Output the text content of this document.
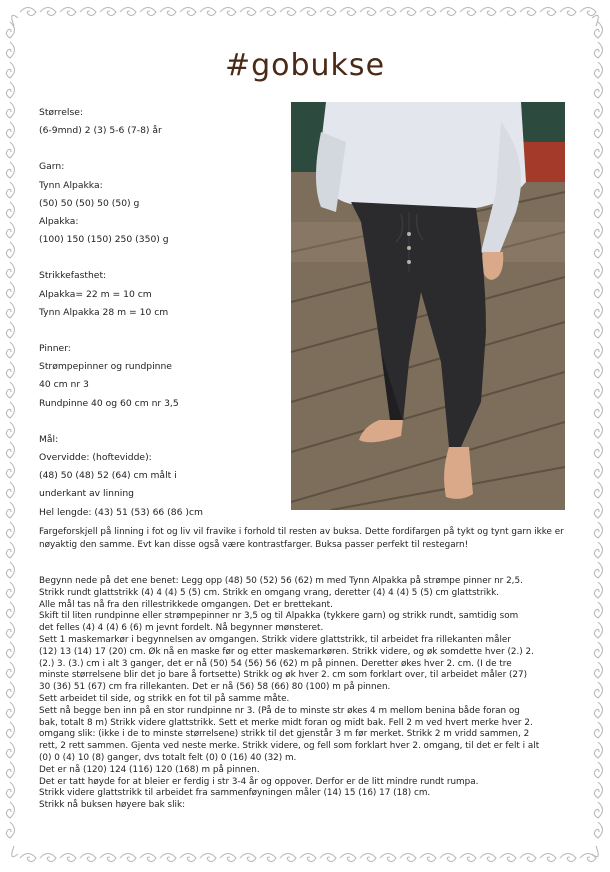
#gobukse
Størrelse:
(6-9mnd) 2 (3) 5-6 (7-8) år
Garn:
Tynn Alpakka:
(50) 50 (50) 50 (50) g
Alpakka:
(100) 150 (150) 250 (350) g
Strikkefasthet:
Alpakka= 22 m = 10 cm
Tynn Alpakka 28 m = 10 cm
Pinner:
Strømpepinner og rundpinne
40 cm nr 3
Rundpinne 40 og 60 cm nr 3,5
Mål:
Overvidde: (hoftevidde):
(48) 50 (48) 52 (64) cm målt i
underkant av linning
Hel lengde: (43) 51 (53) 66 (86 )cm
Fargeforskjell på linning i fot og liv vil fravike i forhold til resten av buksa. Dette fordifargen på tykt og tynt garn ikke er nøyaktig den samme. Evt kan disse også være kontrastfarger. Buksa passer perfekt til restegarn!
Begynn nede på det ene benet: Legg opp (48) 50 (52) 56 (62) m med Tynn Alpakka på strømpe pinner nr 2,5.
Strikk rundt glattstrikk (4) 4 (4) 5 (5) cm. Strikk en omgang vrang, deretter (4) 4 (4) 5 (5) cm glattstrikk.
Alle mål tas nå fra den rillestrikkede omgangen. Det er brettekant.
Skift til liten rundpinne eller strømpepinner nr 3,5 og til Alpakka (tykkere garn) og strikk rundt, samtidig som
det felles (4) 4 (4) 6 (6) m jevnt fordelt. Nå begynner mønsteret.
Sett 1 maskemarkør i begynnelsen av omgangen. Strikk videre glattstrikk, til arbeidet fra rillekanten måler
(12) 13 (14) 17 (20) cm. Øk nå en maske før og etter maskemarkøren. Strikk videre, og øk somdette hver (2.) 2.
(2.) 3. (3.) cm i alt 3 ganger, det er nå (50) 54 (56) 56 (62) m på pinnen. Deretter økes hver 2. cm. (I de tre
minste størrelsene blir det jo bare å fortsette) Strikk og øk hver 2. cm som forklart over, til arbeidet måler (27)
30 (36) 51 (67) cm fra rillekanten. Det er nå (56) 58 (66) 80 (100) m på pinnen.
Sett arbeidet til side, og strikk en fot til på samme måte.
Sett nå begge ben inn på en stor rundpinne nr 3. (På de to minste str økes 4 m mellom benina både foran og
bak, totalt 8 m) Strikk videre glattstrikk. Sett et merke midt foran og midt bak. Fell 2 m ved hvert merke hver 2.
omgang slik: (ikke i de to minste størrelsene) strikk til det gjenstår 3 m før merket. Strikk 2 m vridd sammen, 2
rett, 2 rett sammen. Gjenta ved neste merke. Strikk videre, og fell som forklart hver 2. omgang, til det er felt i alt
(0) 0 (4) 10 (8) ganger, dvs totalt felt (0) 0 (16) 40 (32) m.
Det er nå (120) 124 (116) 120 (168) m på pinnen.
Det er tatt høyde for at bleier er ferdig i str 3-4 år og oppover. Derfor er de litt mindre rundt rumpa.
Strikk videre glattstrikk til arbeidet fra sammenføyningen måler (14) 15 (16) 17 (18) cm.
Strikk nå buksen høyere bak slik:
